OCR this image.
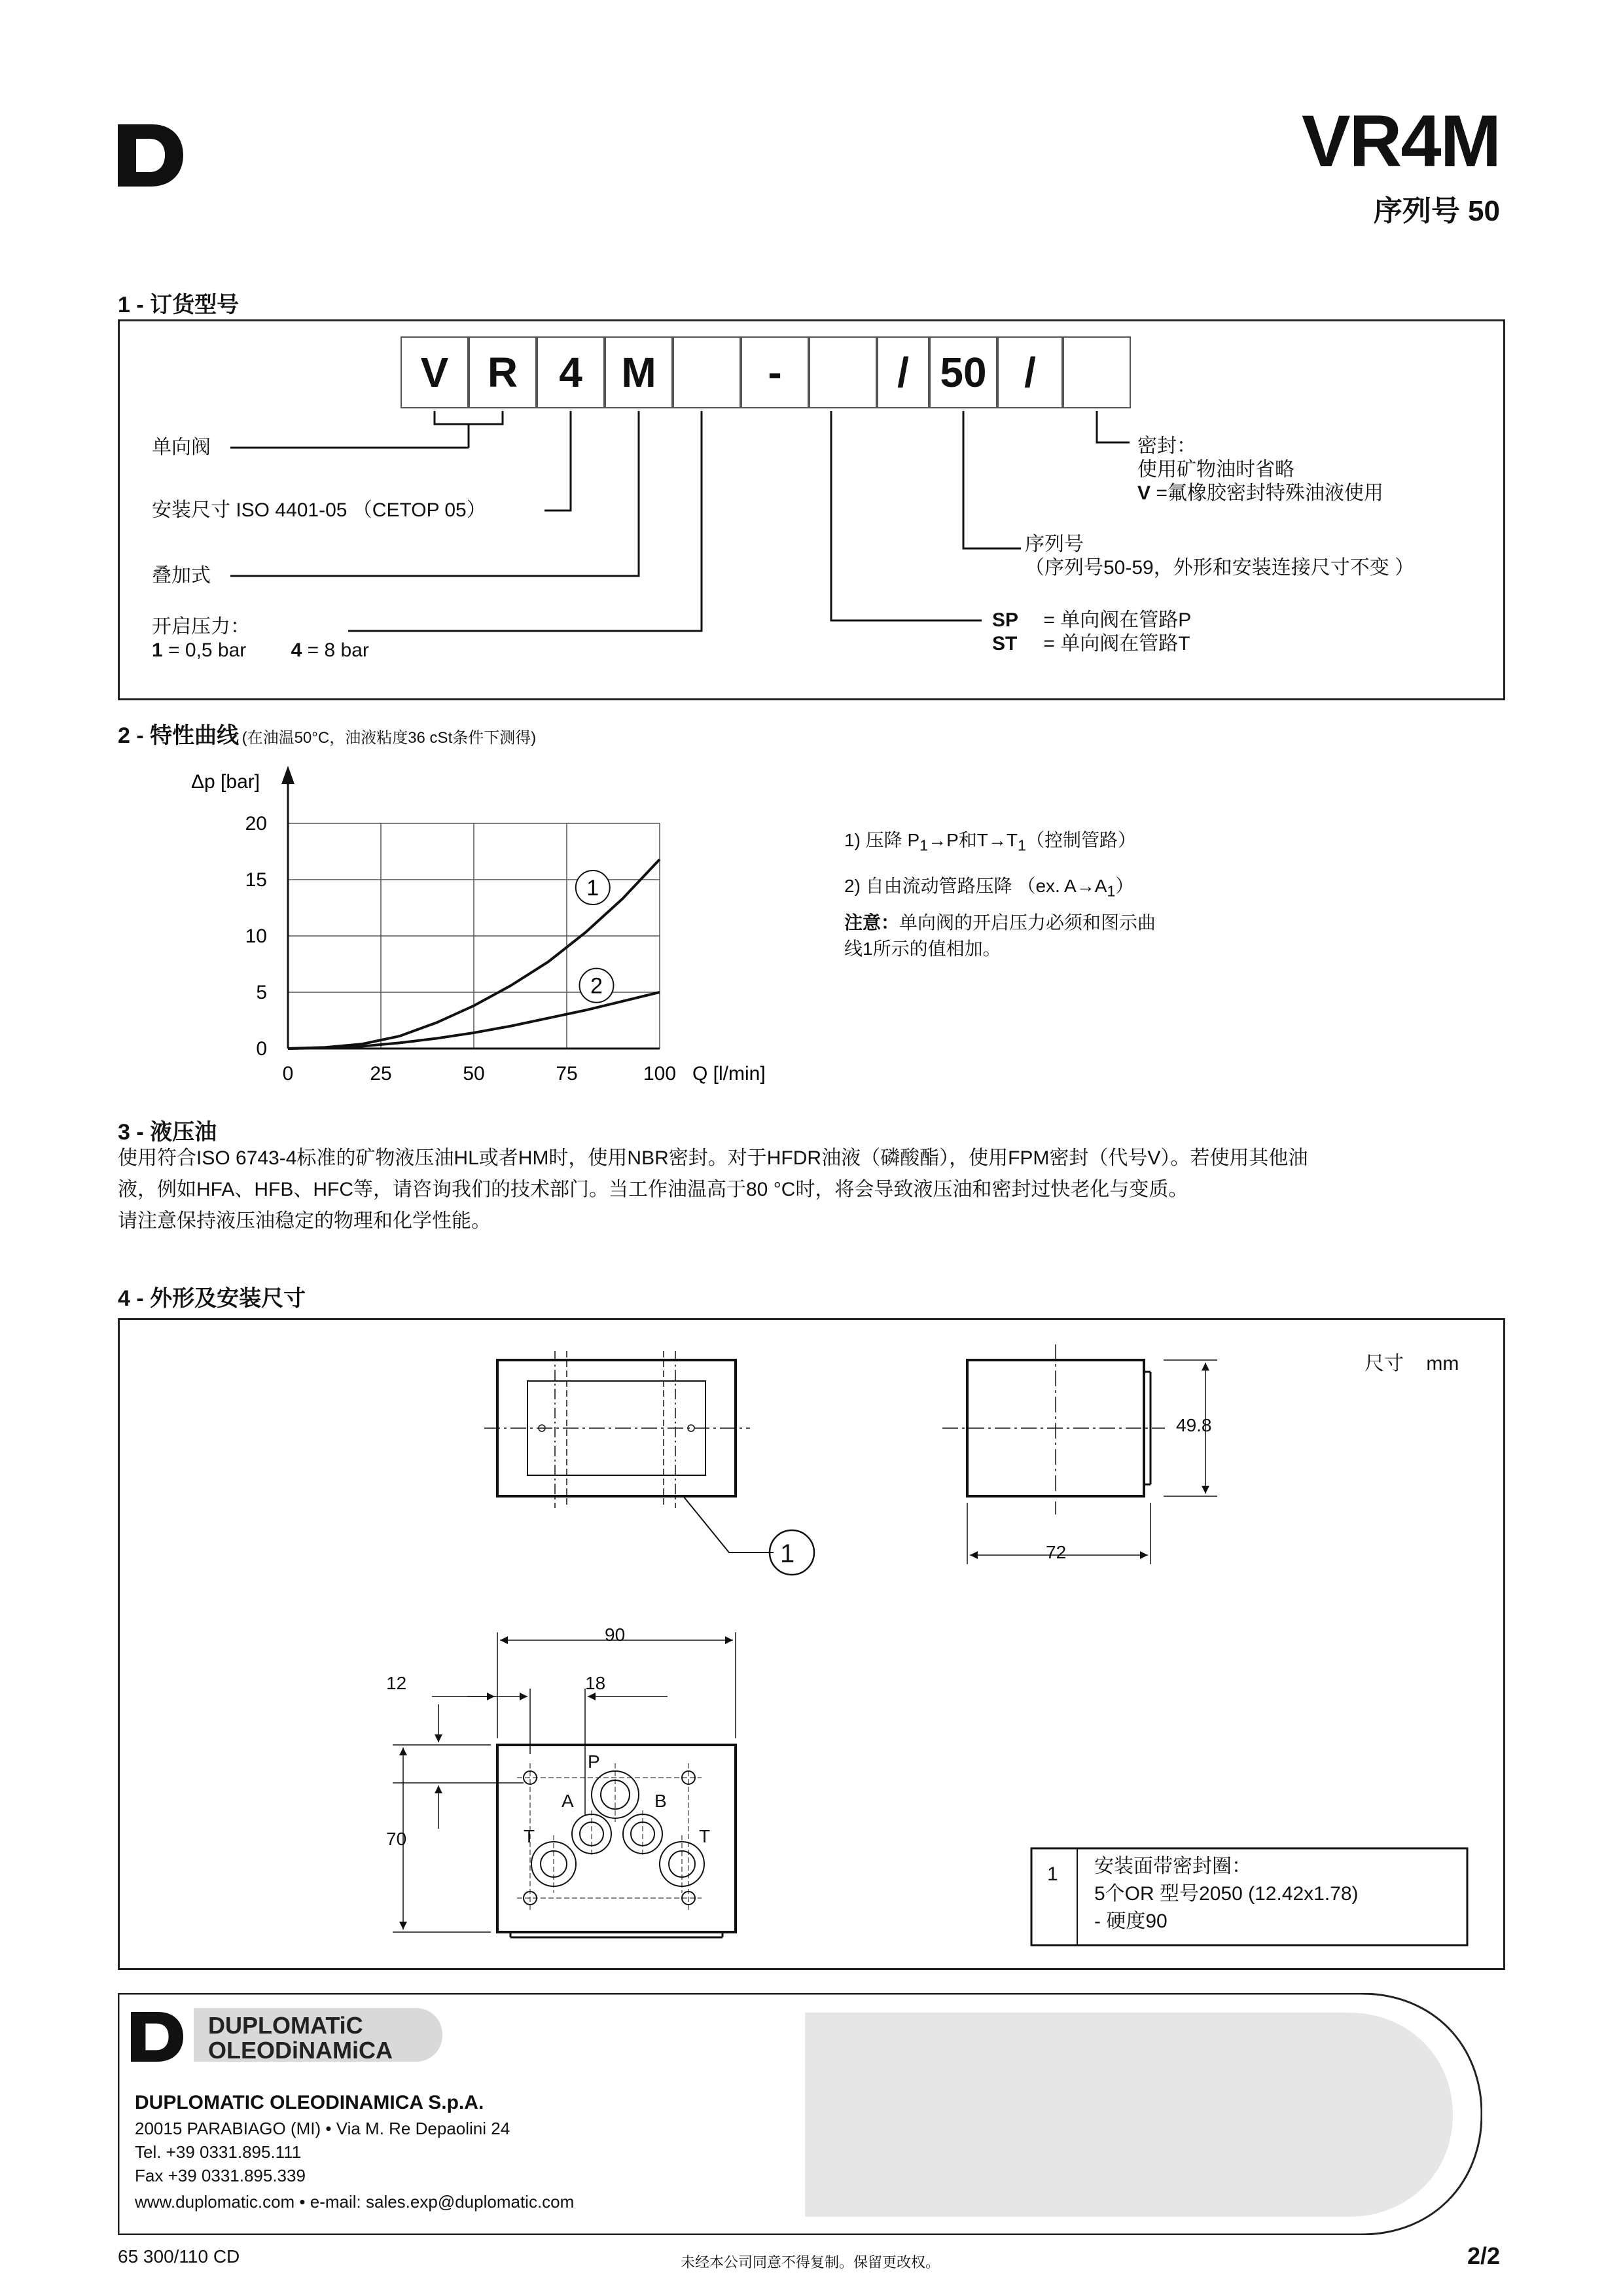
VR4M
序列号 50
1 - 订货型号
V R 4 M	-	/ 50 /
单向阀
安装尺寸 ISO 4401-05 （CETOP 05）
叠加式
开启压力：
1 = 0,5 bar 4 = 8 bar
密封：
使用矿物油时省略
V =氟橡胶密封特殊油液使用
序列号
（序列号50-59，外形和安装连接尺寸不变 ）
SP = 单向阀在管路P
ST = 单向阀在管路T
2 - 特性曲线 (在油温50°C，油液粘度36 cSt条件下测得)
0	25	50	75	100
0
5
10
15
20
Q [l/min]
Δp [bar]
1
2
1) 压降 $P_1\to P$和$T\to T_1$（控制管路）
2) 自由流动管路压降 （ex. $A\to A_1$）
注意：单向阀的开启压力必须和图示曲
线1所示的值相加。
3 - 液压油
使用符合ISO 6743-4标准的矿物液压油HL或者HM时，使用NBR密封。对于HFDR油液（磷酸酯），使用FPM密封（代号V）。若使用其他油
液，例如HFA、HFB、HFC等，请咨询我们的技术部门。当工作油温高于80 °C时，将会导致液压油和密封过快老化与变质。
请注意保持液压油稳定的物理和化学性能。
4 - 外形及安装尺寸
尺寸 mm
49.8
72
1
90
12	18
70
P
A	B
T	T
1 安装面带密封圈：
5个OR 型号2050 (12.42x1.78)
- 硬度90
DUPLOMATiC
OLEODiNAMiCA
DUPLOMATIC OLEODINAMICA S.p.A.
20015 PARABIAGO (MI) • Via M. Re Depaolini 24
Tel. +39 0331.895.111
Fax +39 0331.895.339
www.duplomatic.com • e-mail: sales.exp@duplomatic.com
65 300/110 CD	未经本公司同意不得复制。保留更改权。	2/2
